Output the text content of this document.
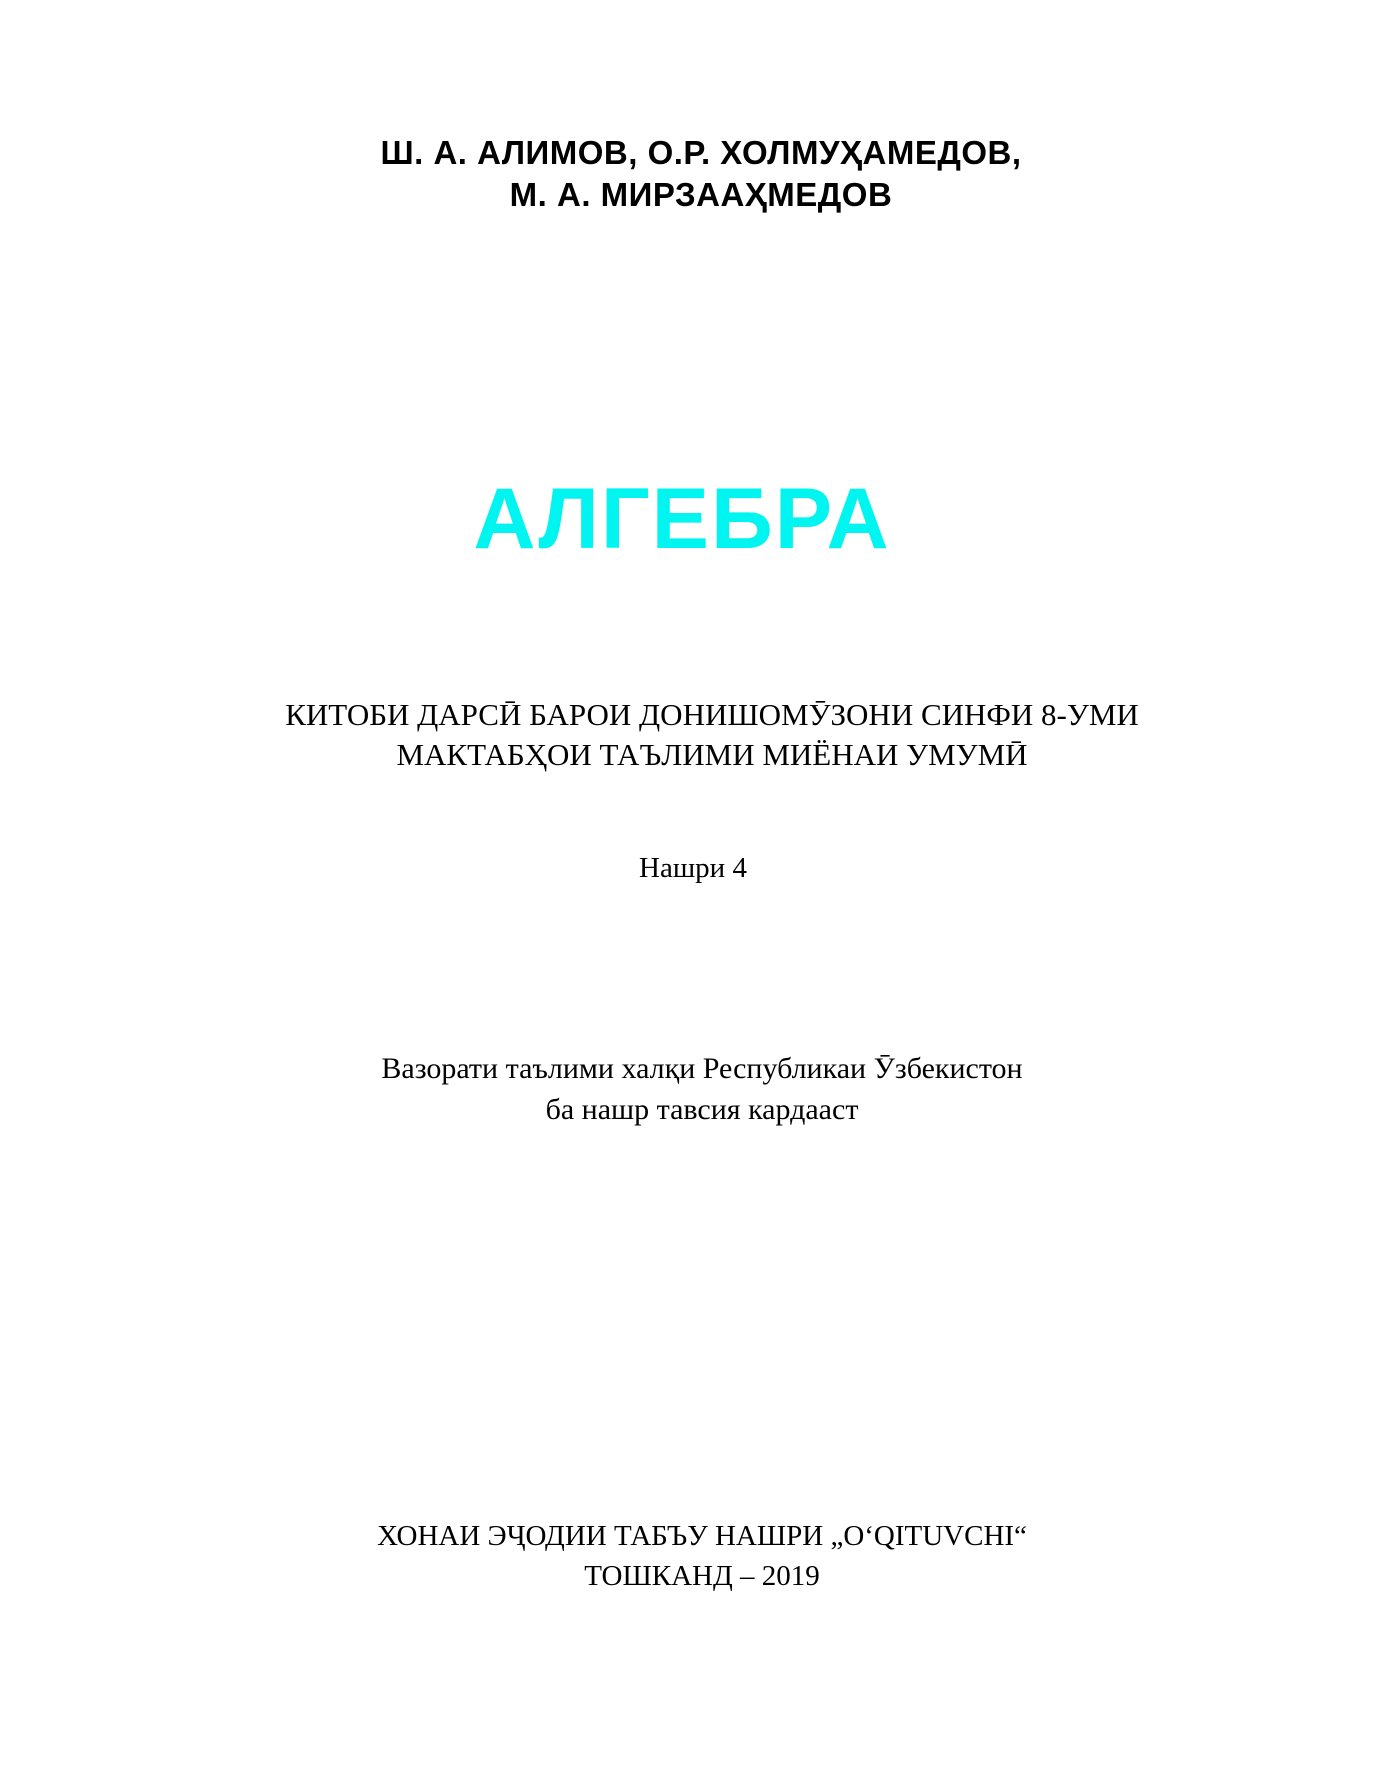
Ш. А. АЛИМОВ, О.Р. ХОЛМУҲАМЕДОВ,
М. А. МИРЗААҲМЕДОВ
АЛГЕБРА
КИТОБИ ДАРСӢ БАРОИ ДОНИШОМӮЗОНИ СИНФИ 8-УМИ
МАКТАБҲОИ ТАЪЛИМИ МИЁНАИ УМУМӢ
Нашри 4
Вазорати таълими халқи Республикаи Ӯзбекистон
ба нашр тавсия кардааст
ХОНАИ ЭҶОДИИ ТАБЪУ НАШРИ „O‘QITUVCHI“
ТОШКАНД – 2019
